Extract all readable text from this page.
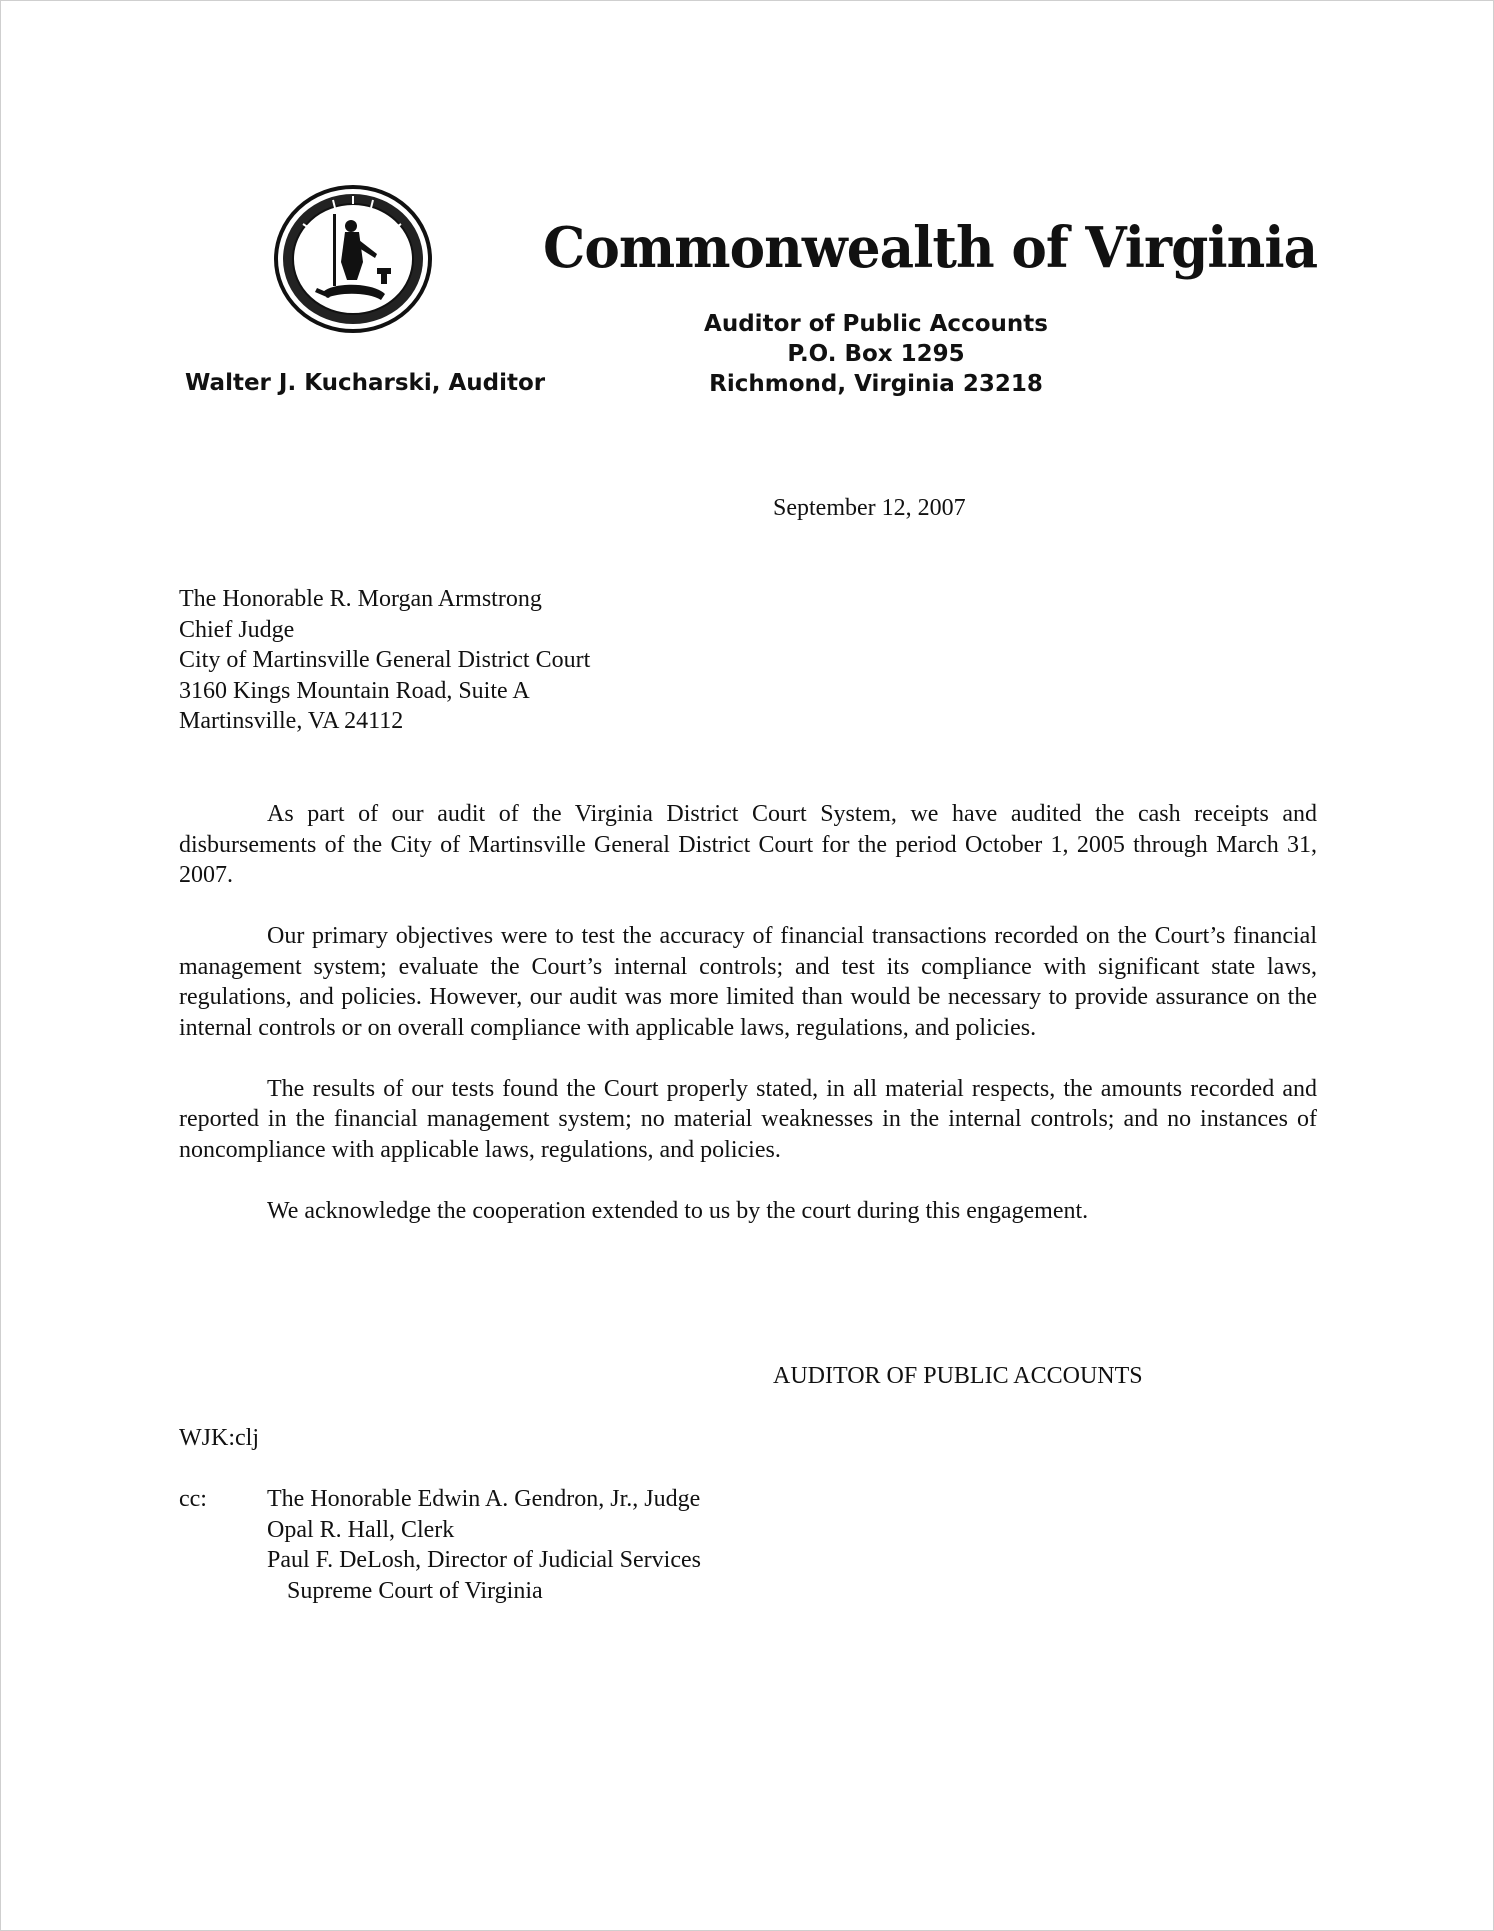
Commonwealth of Virginia
Auditor of Public Accounts
P.O. Box 1295
Richmond, Virginia 23218
Walter J. Kucharski, Auditor
September 12, 2007
The Honorable R. Morgan Armstrong
Chief Judge
City of Martinsville General District Court
3160 Kings Mountain Road, Suite A
Martinsville, VA 24112

As part of our audit of the Virginia District Court System, we have audited the cash receipts and disbursements of the City of Martinsville General District Court for the period October 1, 2005 through March 31, 2007.

Our primary objectives were to test the accuracy of financial transactions recorded on the Court’s financial management system; evaluate the Court’s internal controls; and test its compliance with significant state laws, regulations, and policies. However, our audit was more limited than would be necessary to provide assurance on the internal controls or on overall compliance with applicable laws, regulations, and policies.

The results of our tests found the Court properly stated, in all material respects, the amounts recorded and reported in the financial management system; no material weaknesses in the internal controls; and no instances of noncompliance with applicable laws, regulations, and policies.

We acknowledge the cooperation extended to us by the court during this engagement.

AUDITOR OF PUBLIC ACCOUNTS
WJK:clj
cc:	The Honorable Edwin A. Gendron, Jr., Judge
Opal R. Hall, Clerk
Paul F. DeLosh, Director of Judicial Services
Supreme Court of Virginia
